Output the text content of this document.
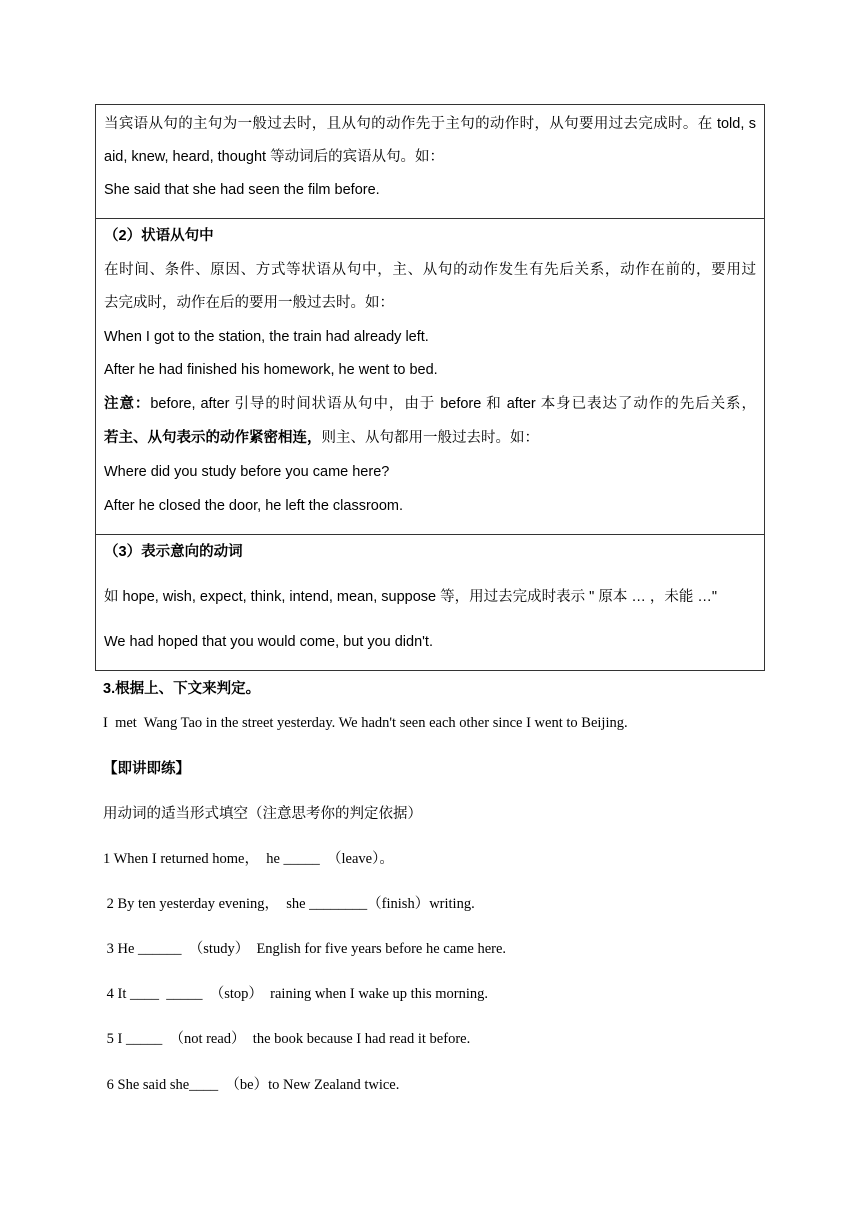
当宾语从句的主句为一般过去时，且从句的动作先于主句的动作时，从句要用过去完成时。在 told, s
aid, knew, heard, thought 等动词后的宾语从句。如：
She said that she had seen the film before.
（2）状语从句中
在时间、条件、原因、方式等状语从句中，主、从句的动作发生有先后关系，动作在前的，要用过
去完成时，动作在后的要用一般过去时。如：
When I got to the station, the train had already left.
After he had finished his homework, he went to bed.
注意：before, after 引导的时间状语从句中，由于 before 和 after 本身已表达了动作的先后关系，
若主、从句表示的动作紧密相连，则主、从句都用一般过去时。如：
Where did you study before you came here?
After he closed the door, he left the classroom.
（3）表示意向的动词
如 hope, wish, expect, think, intend, mean, suppose 等，用过去完成时表示 " 原本 … ，未能 …"
We had hoped that you would come, but you didn't.
3.根据上、下文来判定。
I  met  Wang Tao in the street yesterday. We hadn't seen each other since I went to Beijing.
【即讲即练】
用动词的适当形式填空（注意思考你的判定依据）
1 When I returned home，  he _____  （leave）。
2 By ten yesterday evening，  she ________（finish）writing.
3 He ______  （study）  English for five years before he came here.
4 It ____  _____  （stop）  raining when I wake up this morning.
5 I _____  （not read）  the book because I had read it before.
6 She said she____  （be）to New Zealand twice.
